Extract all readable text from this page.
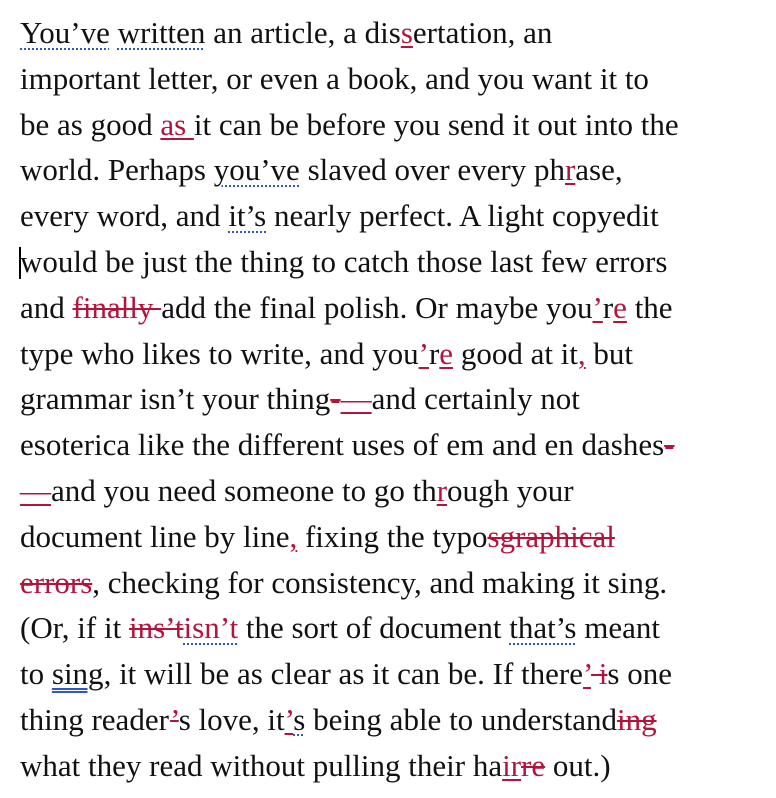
You’ve written an article, a dissertation, an
important letter, or even a book, and you want it to
be as good as it can be before you send it out into the
world. Perhaps you’ve slaved over every phrase,
every word, and it’s nearly perfect. A light copyedit
would be just the thing to catch those last few errors
and finally add the final polish. Or maybe you’re the
type who likes to write, and you’re good at it, but
grammar isn’t your thing-—and certainly not
esoterica like the different uses of em and en dashes-
—and you need someone to go through your
document line by line, fixing the typosgraphical
errors, checking for consistency, and making it sing.
(Or, if it ins’tisn’t the sort of document that’s meant
to sing, it will be as clear as it can be. If there’ is one
thing reader’s love, it’s being able to understanding
what they read without pulling their hairre out.)
